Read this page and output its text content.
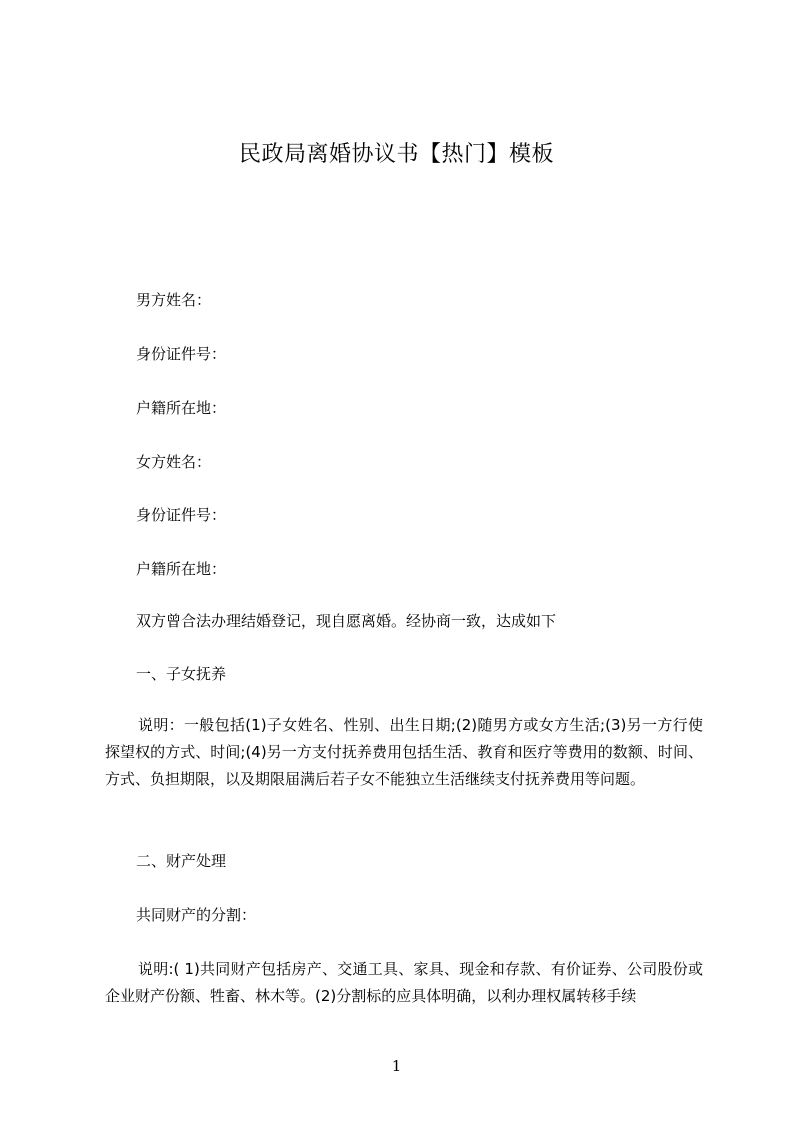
民政局离婚协议书【热门】模板
男方姓名：
身份证件号：
户籍所在地：
女方姓名：
身份证件号：
户籍所在地：
双方曾合法办理结婚登记，现自愿离婚。经协商一致，达成如下
一、子女抚养

说明：一般包括(1)子女姓名、性别、出生日期;(2)随男方或女方生活;(3)另一方行使探望权的方式、时间;(4)另一方支付抚养费用包括生活、教育和医疗等费用的数额、时间、方式、负担期限，以及期限届满后若子女不能独立生活继续支付抚养费用等问题。

二、财产处理
共同财产的分割：

说明:( 1)共同财产包括房产、交通工具、家具、现金和存款、有价证券、公司股份或企业财产份额、牲畜、林木等。(2)分割标的应具体明确，以利办理权属转移手续

1
